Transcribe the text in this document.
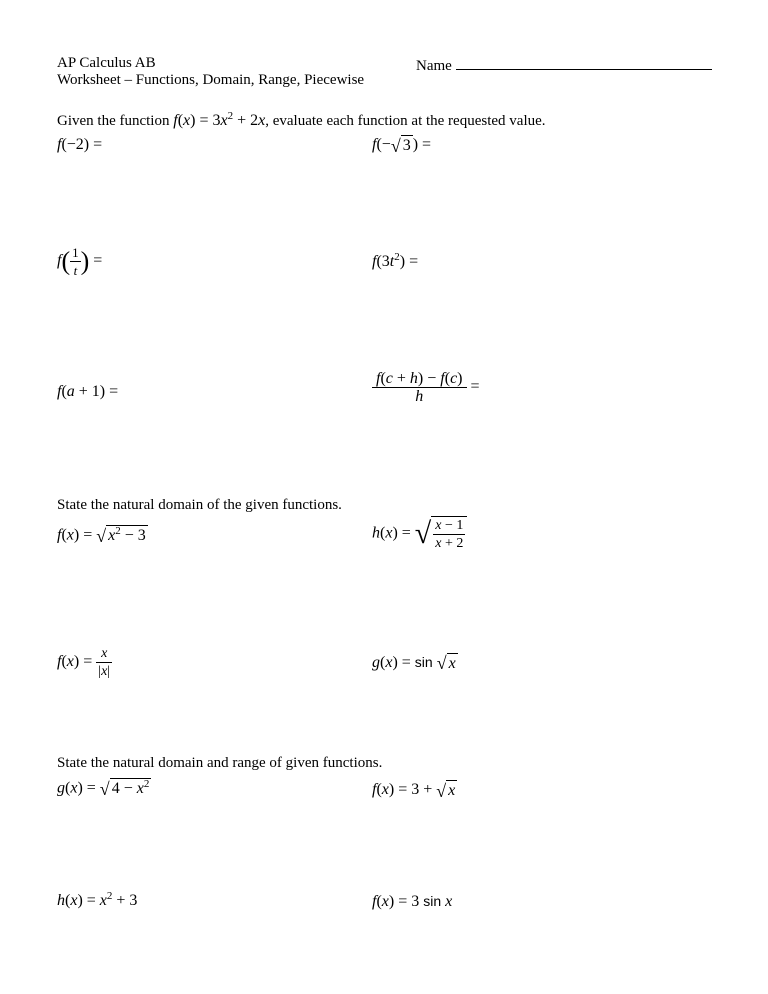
AP Calculus AB
Worksheet – Functions, Domain, Range, Piecewise
Name
Given the function $f(x) = 3x^2 + 2x$, evaluate each function at the requested value.
f(−2) =	f(−√ 3 ) =
$f( \frac{1}{t}$ ) =	$f(3t^2)$ =
f(a + 1) =	$\frac{f(c + h) - f(c)}{h}$ =
State the natural domain of the given functions.
f(x) = √ $x^2 - 3$	h(x) = √ $\frac{x - 1}{x + 2}$
$f(x) = \frac{x}{|x|}$	g(x) = sin √ x
State the natural domain and range of given functions.
g(x) = √ $4 - x^2$	f(x) = 3 + √ x
$h(x) = x^2 + 3$	f(x) = 3 sin x
